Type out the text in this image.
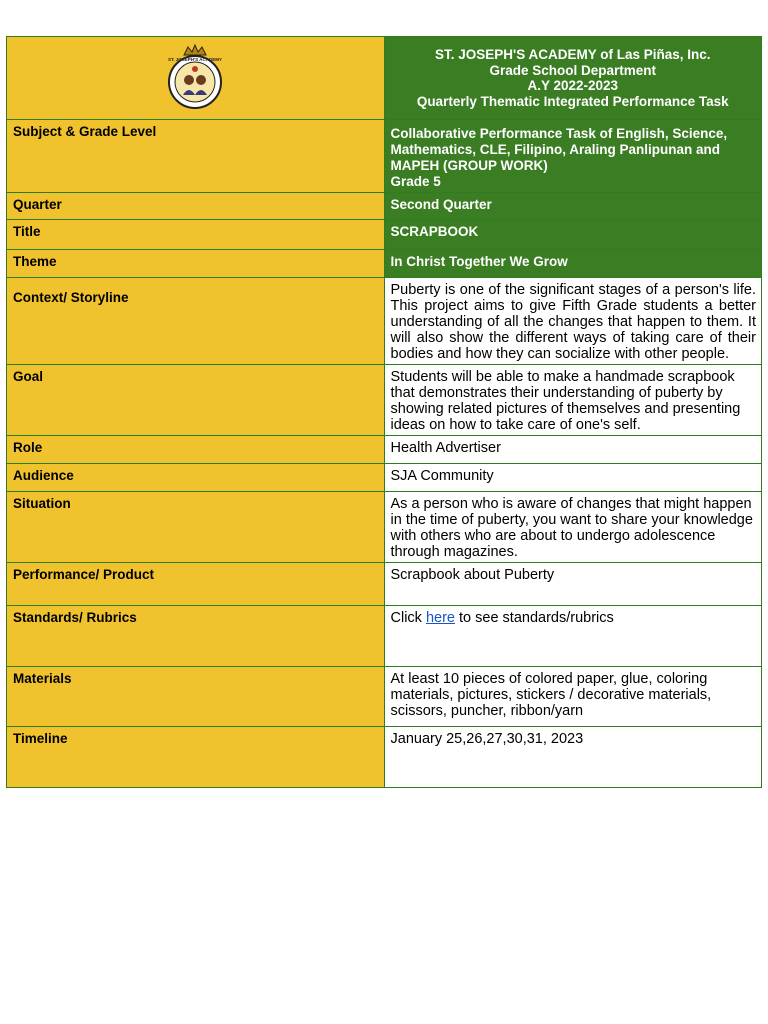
ST. JOSEPH'S ACADEMY	ST. JOSEPH'S ACADEMY of Las Piñas, Inc.
Grade School Department
A.Y 2022-2023
Quarterly Thematic Integrated Performance Task

Subject & Grade Level	Collaborative Performance Task of English, Science, Mathematics, CLE, Filipino, Araling Panlipunan and MAPEH (GROUP WORK)
Grade 5

Quarter	Second Quarter
Title	SCRAPBOOK
Theme	In Christ Together We Grow
Context/ Storyline	Puberty is one of the significant stages of a person's life. This project aims to give Fifth Grade students a better understanding of all the changes that happen to them. It will also show the different ways of taking care of their bodies and how they can socialize with other people.
Goal	Students will be able to make a handmade scrapbook that demonstrates their understanding of puberty by showing related pictures of themselves and presenting ideas on how to take care of one's self.
Role	Health Advertiser
Audience	SJA Community
Situation	As a person who is aware of changes that might happen in the time of puberty, you want to share your knowledge with others who are about to undergo adolescence through magazines.
Performance/ Product	Scrapbook about Puberty
Standards/ Rubrics	Click here to see standards/rubrics
Materials	At least 10 pieces of colored paper, glue, coloring materials, pictures, stickers / decorative materials, scissors, puncher, ribbon/yarn
Timeline	January 25,26,27,30,31, 2023
